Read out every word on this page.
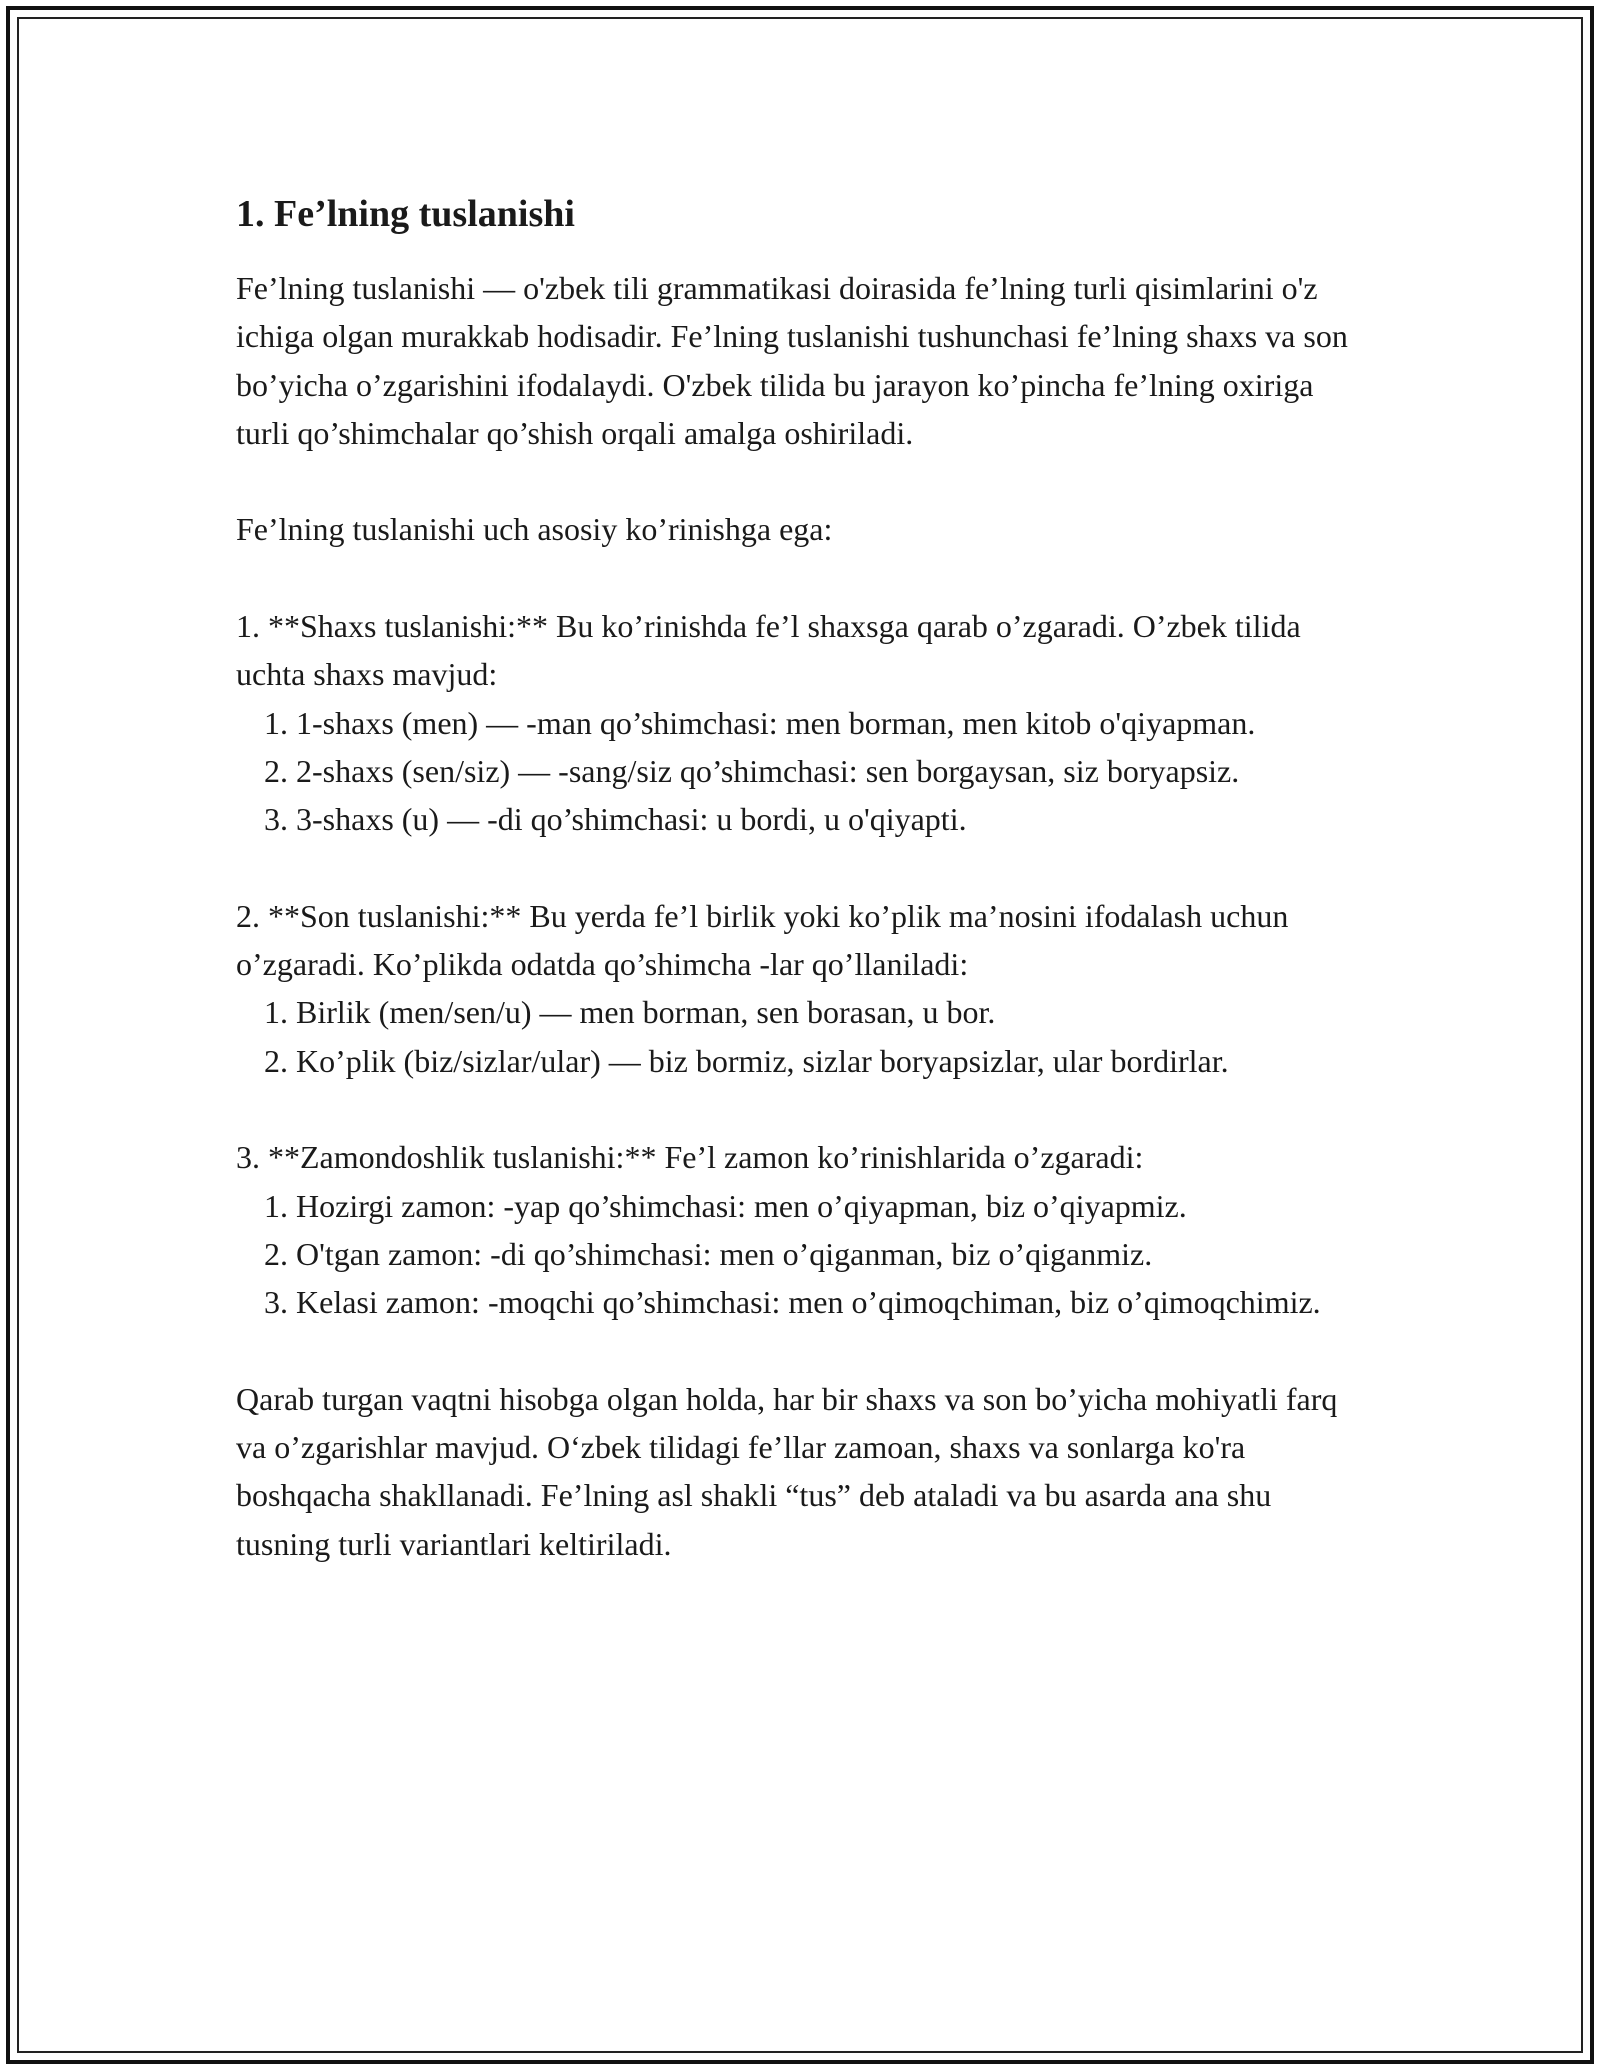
1. Fe’lning tuslanishi

Fe’lning tuslanishi — o'zbek tili grammatikasi doirasida fe’lning turli qisimlarini o'z ichiga olgan murakkab hodisadir. Fe’lning tuslanishi tushunchasi fe’lning shaxs va son bo’yicha o’zgarishini ifodalaydi. O'zbek tilida bu jarayon ko’pincha fe’lning oxiriga turli qo’shimchalar qo’shish orqali amalga oshiriladi.

Fe’lning tuslanishi uch asosiy ko’rinishga ega:

1. **Shaxs tuslanishi:** Bu ko’rinishda fe’l shaxsga qarab o’zgaradi. O’zbek tilida uchta shaxs mavjud:

1. 1-shaxs (men) — -man qo’shimchasi: men borman, men kitob o'qiyapman.

2. 2-shaxs (sen/siz) — -sang/siz qo’shimchasi: sen borgaysan, siz boryapsiz.

3. 3-shaxs (u) — -di qo’shimchasi: u bordi, u o'qiyapti.

2. **Son tuslanishi:** Bu yerda fe’l birlik yoki ko’plik ma’nosini ifodalash uchun o’zgaradi. Ko’plikda odatda qo’shimcha -lar qo’llaniladi:

1. Birlik (men/sen/u) — men borman, sen borasan, u bor.

2. Ko’plik (biz/sizlar/ular) — biz bormiz, sizlar boryapsizlar, ular bordirlar.

3. **Zamondoshlik tuslanishi:** Fe’l zamon ko’rinishlarida o’zgaradi:

1. Hozirgi zamon: -yap qo’shimchasi: men o’qiyapman, biz o’qiyapmiz.

2. O'tgan zamon: -di qo’shimchasi: men o’qiganman, biz o’qiganmiz.

3. Kelasi zamon: -moqchi qo’shimchasi: men o’qimoqchiman, biz o’qimoqchimiz.

Qarab turgan vaqtni hisobga olgan holda, har bir shaxs va son bo’yicha mohiyatli farq va o’zgarishlar mavjud. O‘zbek tilidagi fe’llar zamoan, shaxs va sonlarga ko'ra boshqacha shakllanadi. Fe’lning asl shakli “tus” deb ataladi va bu asarda ana shu tusning turli variantlari keltiriladi.
